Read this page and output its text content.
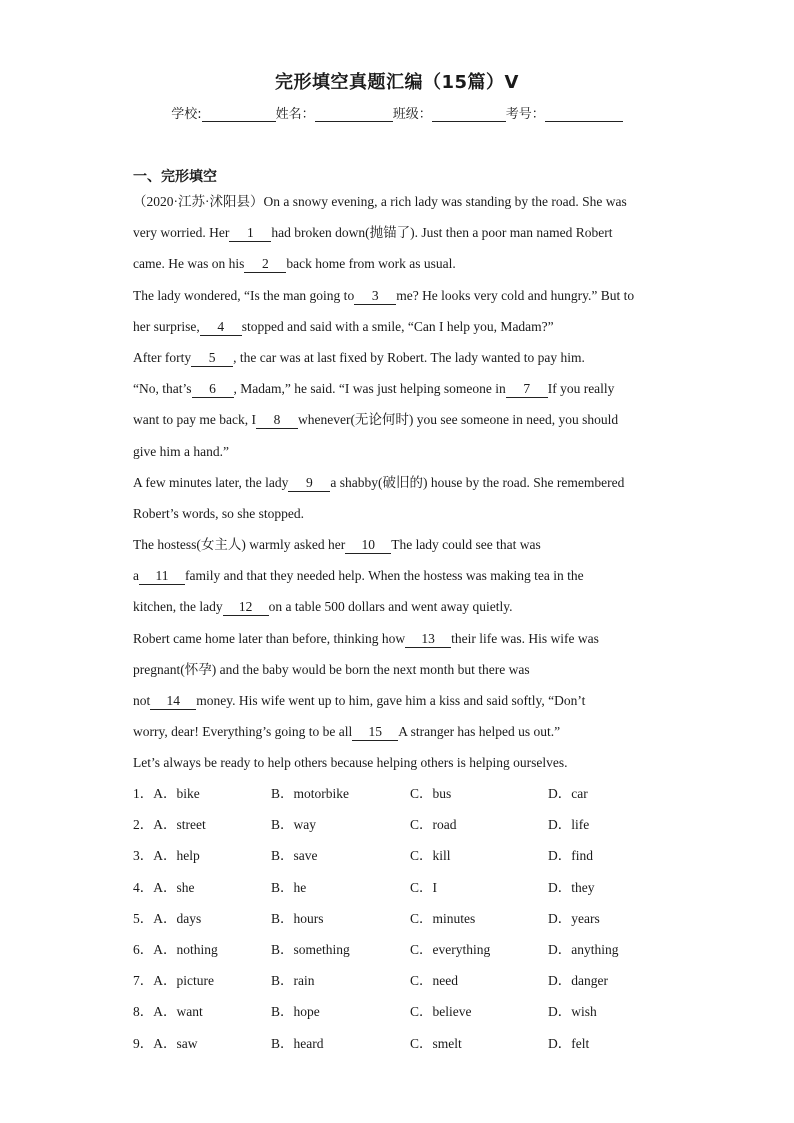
完形填空真题汇编（15篇）V
学校:	姓名：	班级：	考号：
一、完形填空
（2020·江苏·沭阳县）On a snowy evening, a rich lady was standing by the road. She was
very worried. Her 1 had broken down(抛锚了). Just then a poor man named Robert
came. He was on his 2 back home from work as usual.
The lady wondered, “Is the man going to 3 me? He looks very cold and hungry.” But to
her surprise, 4 stopped and said with a smile, “Can I help you, Madam?”
After forty 5 , the car was at last fixed by Robert. The lady wanted to pay him.
“No, that’s 6 , Madam,” he said. “I was just helping someone in 7 If you really
want to pay me back, I 8 whenever(无论何时) you see someone in need, you should
give him a hand.”
A few minutes later, the lady 9 a shabby(破旧的) house by the road. She remembered
Robert’s words, so she stopped.
The hostess(女主人) warmly asked her 10 The lady could see that was
a 11 family and that they needed help. When the hostess was making tea in the
kitchen, the lady 12 on a table 500 dollars and went away quietly.
Robert came home later than before, thinking how 13 their life was. His wife was
pregnant(怀孕) and the baby would be born the next month but there was
not 14 money. His wife went up to him, gave him a kiss and said softly, “Don’t
worry, dear! Everything’s going to be all 15 A stranger has helped us out.”
Let’s always be ready to help others because helping others is helping ourselves.
1．A．bike	B．motorbike	C．bus	D．car
2．A．street	B．way	C．road	D．life
3．A．help	B．save	C．kill	D．find
4．A．she	B．he	C．I	D．they
5．A．days	B．hours	C．minutes	D．years
6．A．nothing	B．something	C．everything	D．anything
7．A．picture	B．rain	C．need	D．danger
8．A．want	B．hope	C．believe	D．wish
9．A．saw	B．heard	C．smelt	D．felt
